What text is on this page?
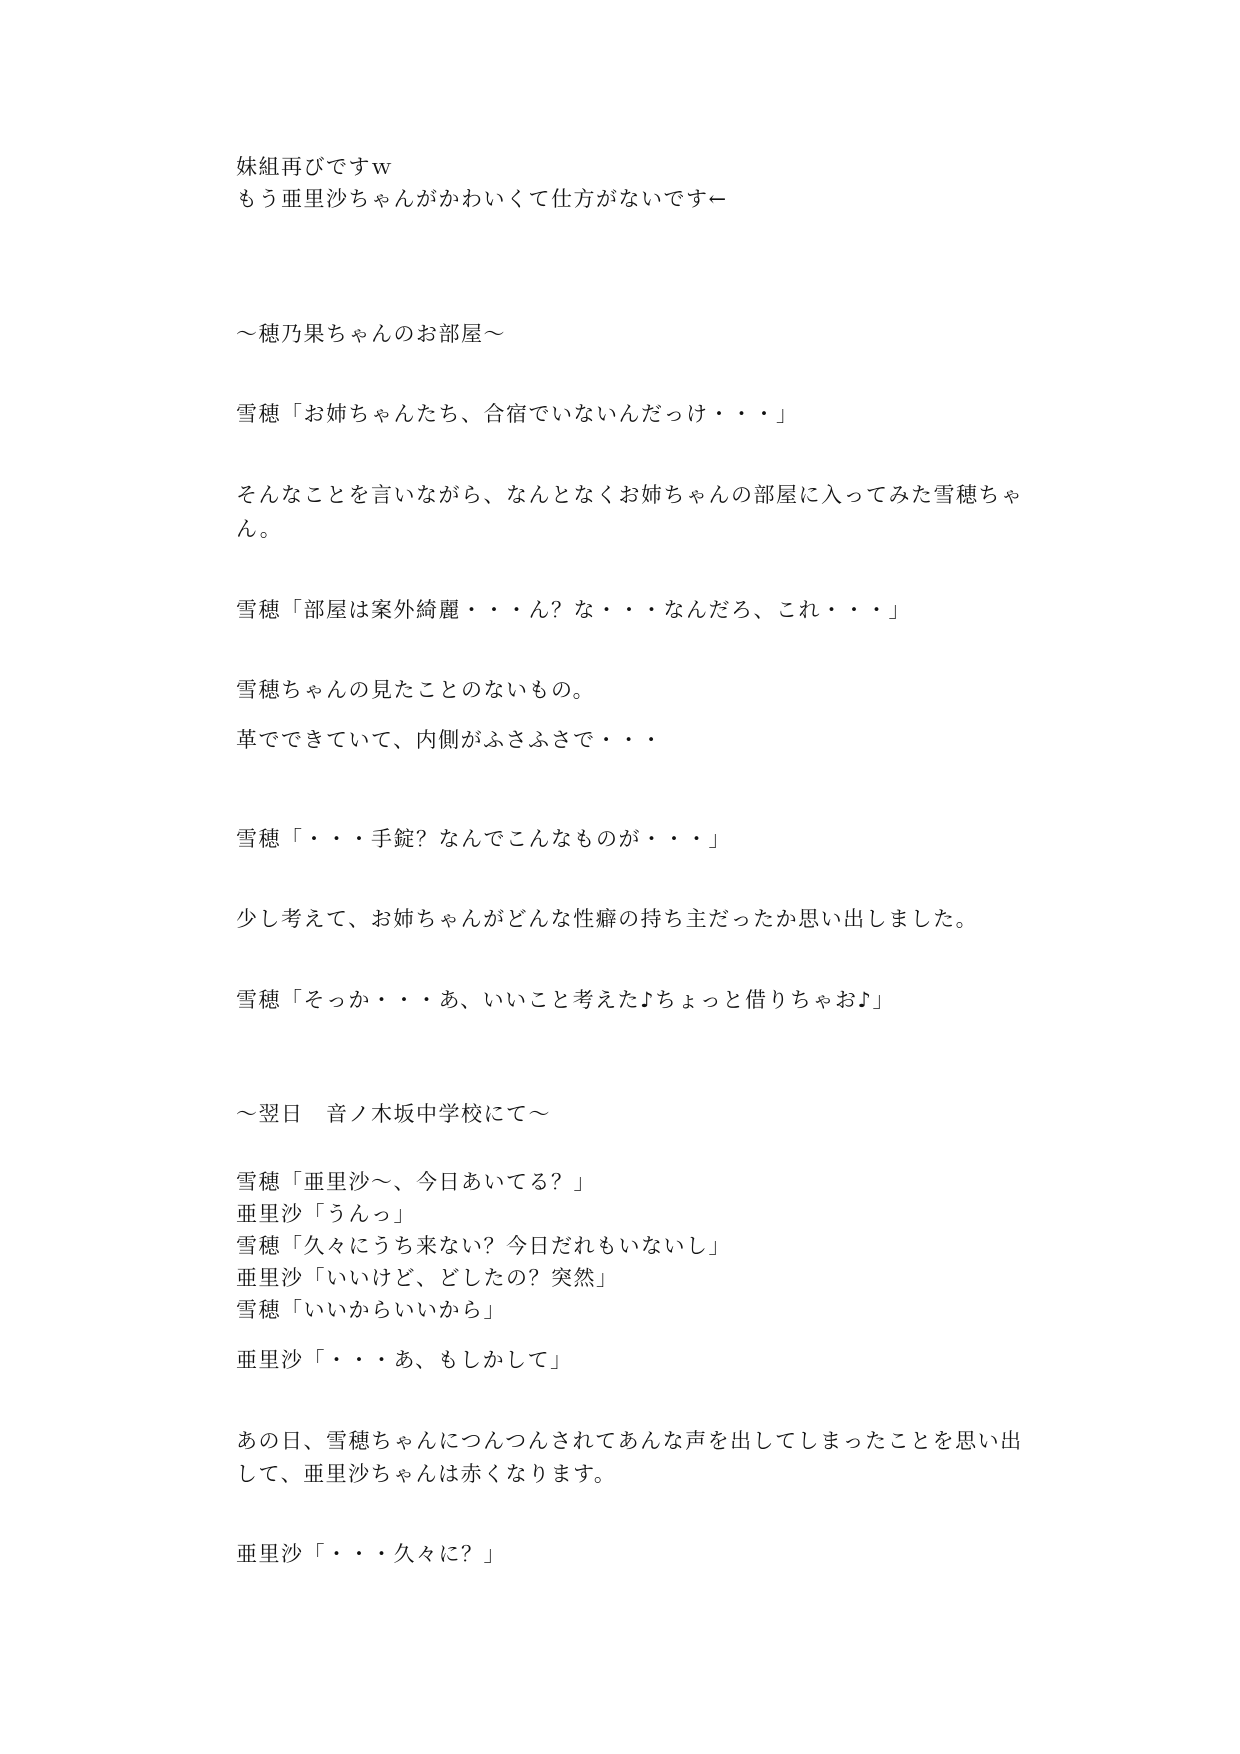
妹組再びですｗ
もう亜里沙ちゃんがかわいくて仕方がないです←
～穂乃果ちゃんのお部屋～
雪穂「お姉ちゃんたち、合宿でいないんだっけ・・・」
そんなことを言いながら、なんとなくお姉ちゃんの部屋に入ってみた雪穂ちゃ
ん。
雪穂「部屋は案外綺麗・・・ん？な・・・なんだろ、これ・・・」
雪穂ちゃんの見たことのないもの。
革でできていて、内側がふさふさで・・・
雪穂「・・・手錠？なんでこんなものが・・・」
少し考えて、お姉ちゃんがどんな性癖の持ち主だったか思い出しました。
雪穂「そっか・・・あ、いいこと考えた♪ちょっと借りちゃお♪」
～翌日　音ノ木坂中学校にて～
雪穂「亜里沙～、今日あいてる？」
亜里沙「うんっ」
雪穂「久々にうち来ない？今日だれもいないし」
亜里沙「いいけど、どしたの？突然」
雪穂「いいからいいから」
亜里沙「・・・あ、もしかして」
あの日、雪穂ちゃんにつんつんされてあんな声を出してしまったことを思い出
して、亜里沙ちゃんは赤くなります。
亜里沙「・・・久々に？」
